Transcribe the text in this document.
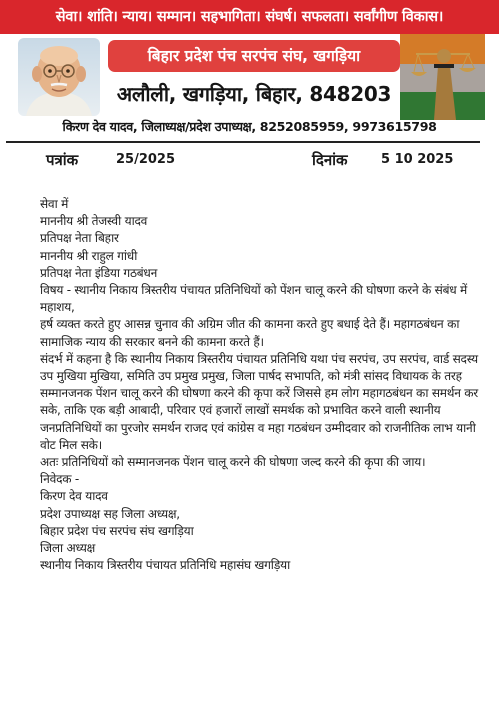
सेवा। शांति। न्याय। सम्मान। सहभागिता। संघर्ष। सफलता। सर्वांगीण विकास।
बिहार प्रदेश पंच सरपंच संघ, खगड़िया
अलौली, खगड़िया, बिहार, 848203
किरण देव यादव, जिलाध्यक्ष/प्रदेश उपाध्यक्ष, 8252085959, 9973615798
पत्रांक	25/2025	दिनांक	5 10 2025
सेवा में
माननीय श्री तेजस्वी यादव
प्रतिपक्ष नेता बिहार
माननीय श्री राहुल गांधी
प्रतिपक्ष नेता इंडिया गठबंधन
विषय - स्थानीय निकाय त्रिस्तरीय पंचायत प्रतिनिधियों को पेंशन चालू करने की घोषणा करने के संबंध में
महाशय,
हर्ष व्यक्त करते हुए आसन्न चुनाव की अग्रिम जीत की कामना करते हुए बधाई देते हैं। महागठबंधन का सामाजिक न्याय की सरकार बनने की कामना करते हैं।
संदर्भ में कहना है कि स्थानीय निकाय त्रिस्तरीय पंचायत प्रतिनिधि यथा पंच सरपंच, उप सरपंच, वार्ड सदस्य उप मुखिया मुखिया, समिति उप प्रमुख प्रमुख, जिला पार्षद सभापति, को मंत्री सांसद विधायक के तरह सम्मानजनक पेंशन चालू करने की घोषणा करने की कृपा करें जिससे हम लोग महागठबंधन का समर्थन कर सके, ताकि एक बड़ी आबादी, परिवार एवं हजारों लाखों समर्थक को प्रभावित करने वाली स्थानीय जनप्रतिनिधियों का पुरजोर समर्थन राजद एवं कांग्रेस व महा गठबंधन उम्मीदवार को राजनीतिक लाभ यानी वोट मिल सके।
अतः प्रतिनिधियों को सम्मानजनक पेंशन चालू करने की घोषणा जल्द करने की कृपा की जाय।
निवेदक -
किरण देव यादव
प्रदेश उपाध्यक्ष सह जिला अध्यक्ष,
बिहार प्रदेश पंच सरपंच संघ खगड़िया
जिला अध्यक्ष
स्थानीय निकाय त्रिस्तरीय पंचायत प्रतिनिधि महासंघ खगड़िया
